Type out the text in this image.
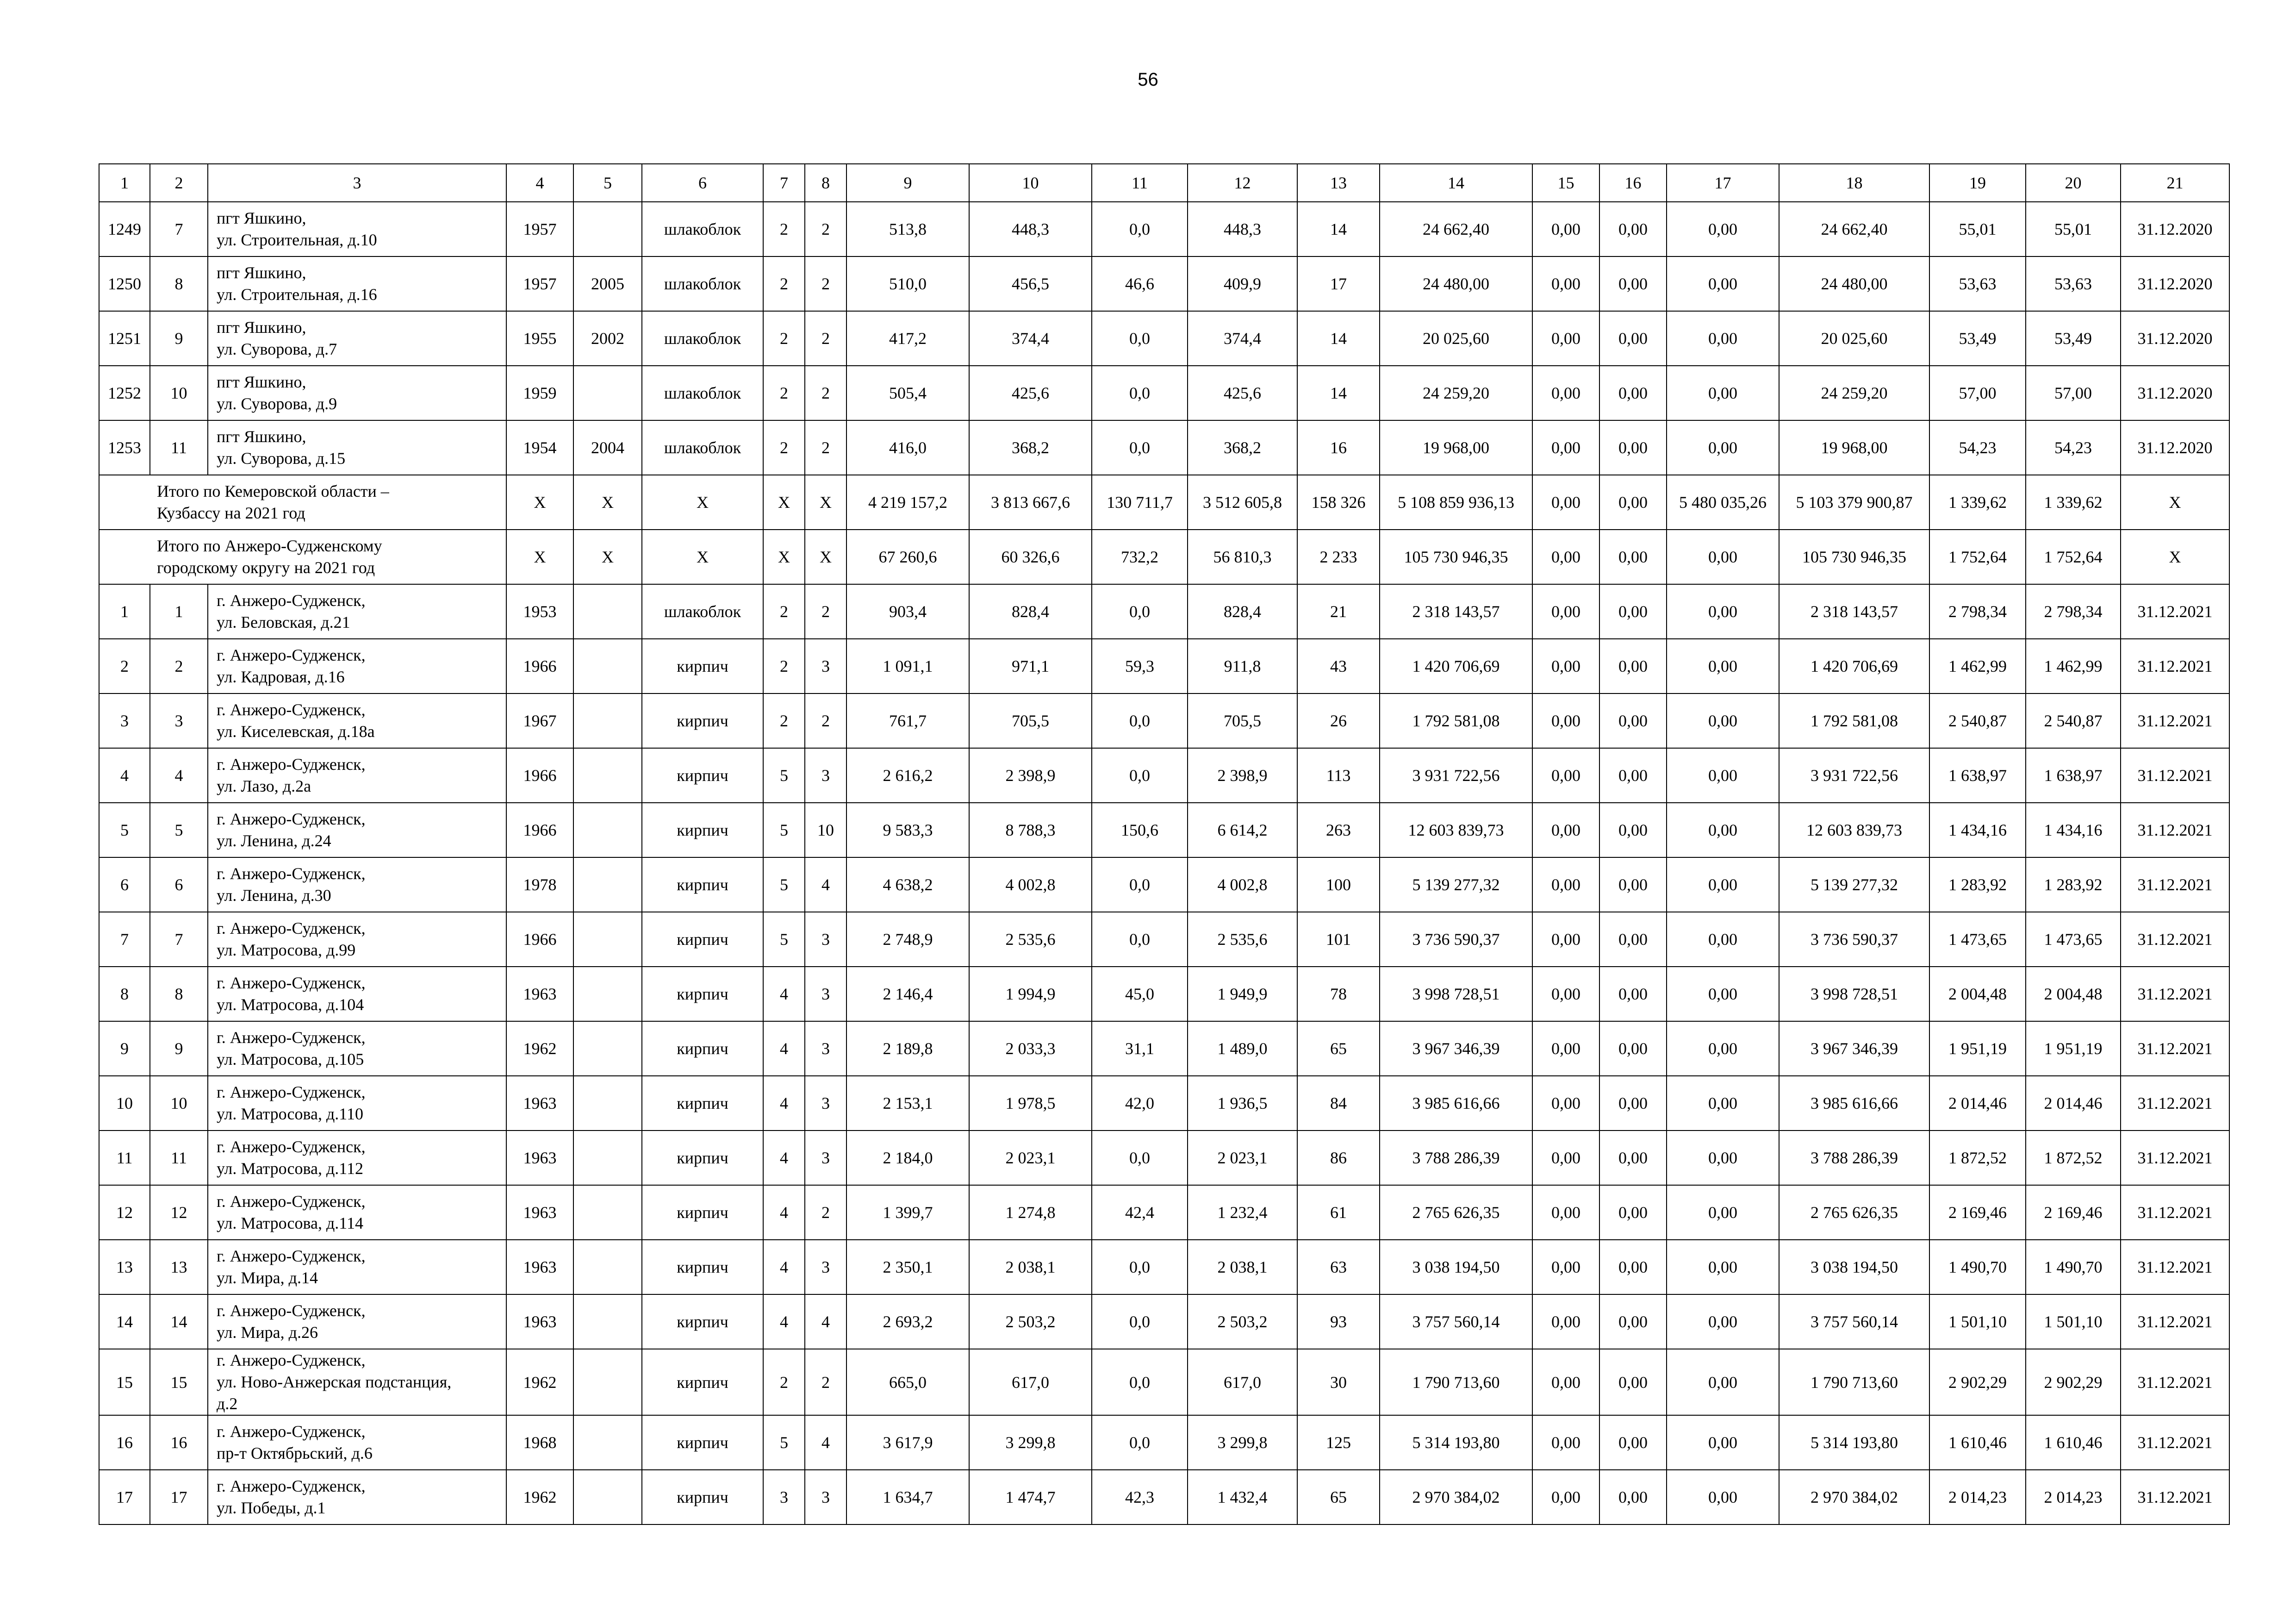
56
1	2	3	4	5	6	7	8	9	10	11	12	13	14	15	16	17	18	19	20	21
1249	7	пгт Яшкино,
ул. Строительная, д.10	1957		шлакоблок	2	2	513,8	448,3	0,0	448,3	14	24 662,40	0,00	0,00	0,00	24 662,40	55,01	55,01	31.12.2020
1250	8	пгт Яшкино,
ул. Строительная, д.16	1957	2005	шлакоблок	2	2	510,0	456,5	46,6	409,9	17	24 480,00	0,00	0,00	0,00	24 480,00	53,63	53,63	31.12.2020
1251	9	пгт Яшкино,
ул. Суворова, д.7	1955	2002	шлакоблок	2	2	417,2	374,4	0,0	374,4	14	20 025,60	0,00	0,00	0,00	20 025,60	53,49	53,49	31.12.2020
1252	10	пгт Яшкино,
ул. Суворова, д.9	1959		шлакоблок	2	2	505,4	425,6	0,0	425,6	14	24 259,20	0,00	0,00	0,00	24 259,20	57,00	57,00	31.12.2020
1253	11	пгт Яшкино,
ул. Суворова, д.15	1954	2004	шлакоблок	2	2	416,0	368,2	0,0	368,2	16	19 968,00	0,00	0,00	0,00	19 968,00	54,23	54,23	31.12.2020

Итого по Кемеровской области –
Кузбассу на 2021 год			X	X	X	X	X	4 219 157,2	3 813 667,6	130 711,7	3 512 605,8	158 326	5 108 859 936,13	0,00	0,00	5 480 035,26	5 103 379 900,87	1 339,62	1 339,62	X

Итого по Анжеро-Судженскому
городскому округу на 2021 год			X	X	X	X	X	67 260,6	60 326,6	732,2	56 810,3	2 233	105 730 946,35	0,00	0,00	0,00	105 730 946,35	1 752,64	1 752,64	X
1	1	г. Анжеро-Судженск,
ул. Беловская, д.21	1953		шлакоблок	2	2	903,4	828,4	0,0	828,4	21	2 318 143,57	0,00	0,00	0,00	2 318 143,57	2 798,34	2 798,34	31.12.2021
2	2	г. Анжеро-Судженск,
ул. Кадровая, д.16	1966		кирпич	2	3	1 091,1	971,1	59,3	911,8	43	1 420 706,69	0,00	0,00	0,00	1 420 706,69	1 462,99	1 462,99	31.12.2021
3	3	г. Анжеро-Судженск,
ул. Киселевская, д.18а	1967		кирпич	2	2	761,7	705,5	0,0	705,5	26	1 792 581,08	0,00	0,00	0,00	1 792 581,08	2 540,87	2 540,87	31.12.2021
4	4	г. Анжеро-Судженск,
ул. Лазо, д.2а	1966		кирпич	5	3	2 616,2	2 398,9	0,0	2 398,9	113	3 931 722,56	0,00	0,00	0,00	3 931 722,56	1 638,97	1 638,97	31.12.2021
5	5	г. Анжеро-Судженск,
ул. Ленина, д.24	1966		кирпич	5	10	9 583,3	8 788,3	150,6	6 614,2	263	12 603 839,73	0,00	0,00	0,00	12 603 839,73	1 434,16	1 434,16	31.12.2021
6	6	г. Анжеро-Судженск,
ул. Ленина, д.30	1978		кирпич	5	4	4 638,2	4 002,8	0,0	4 002,8	100	5 139 277,32	0,00	0,00	0,00	5 139 277,32	1 283,92	1 283,92	31.12.2021
7	7	г. Анжеро-Судженск,
ул. Матросова, д.99	1966		кирпич	5	3	2 748,9	2 535,6	0,0	2 535,6	101	3 736 590,37	0,00	0,00	0,00	3 736 590,37	1 473,65	1 473,65	31.12.2021
8	8	г. Анжеро-Судженск,
ул. Матросова, д.104	1963		кирпич	4	3	2 146,4	1 994,9	45,0	1 949,9	78	3 998 728,51	0,00	0,00	0,00	3 998 728,51	2 004,48	2 004,48	31.12.2021
9	9	г. Анжеро-Судженск,
ул. Матросова, д.105	1962		кирпич	4	3	2 189,8	2 033,3	31,1	1 489,0	65	3 967 346,39	0,00	0,00	0,00	3 967 346,39	1 951,19	1 951,19	31.12.2021
10	10	г. Анжеро-Судженск,
ул. Матросова, д.110	1963		кирпич	4	3	2 153,1	1 978,5	42,0	1 936,5	84	3 985 616,66	0,00	0,00	0,00	3 985 616,66	2 014,46	2 014,46	31.12.2021
11	11	г. Анжеро-Судженск,
ул. Матросова, д.112	1963		кирпич	4	3	2 184,0	2 023,1	0,0	2 023,1	86	3 788 286,39	0,00	0,00	0,00	3 788 286,39	1 872,52	1 872,52	31.12.2021
12	12	г. Анжеро-Судженск,
ул. Матросова, д.114	1963		кирпич	4	2	1 399,7	1 274,8	42,4	1 232,4	61	2 765 626,35	0,00	0,00	0,00	2 765 626,35	2 169,46	2 169,46	31.12.2021
13	13	г. Анжеро-Судженск,
ул. Мира, д.14	1963		кирпич	4	3	2 350,1	2 038,1	0,0	2 038,1	63	3 038 194,50	0,00	0,00	0,00	3 038 194,50	1 490,70	1 490,70	31.12.2021
14	14	г. Анжеро-Судженск,
ул. Мира, д.26	1963		кирпич	4	4	2 693,2	2 503,2	0,0	2 503,2	93	3 757 560,14	0,00	0,00	0,00	3 757 560,14	1 501,10	1 501,10	31.12.2021
15	15	г. Анжеро-Судженск,
ул. Ново-Анжерская подстанция,
д.2	1962		кирпич	2	2	665,0	617,0	0,0	617,0	30	1 790 713,60	0,00	0,00	0,00	1 790 713,60	2 902,29	2 902,29	31.12.2021
16	16	г. Анжеро-Судженск,
пр-т Октябрьский, д.6	1968		кирпич	5	4	3 617,9	3 299,8	0,0	3 299,8	125	5 314 193,80	0,00	0,00	0,00	5 314 193,80	1 610,46	1 610,46	31.12.2021
17	17	г. Анжеро-Судженск,
ул. Победы, д.1	1962		кирпич	3	3	1 634,7	1 474,7	42,3	1 432,4	65	2 970 384,02	0,00	0,00	0,00	2 970 384,02	2 014,23	2 014,23	31.12.2021
